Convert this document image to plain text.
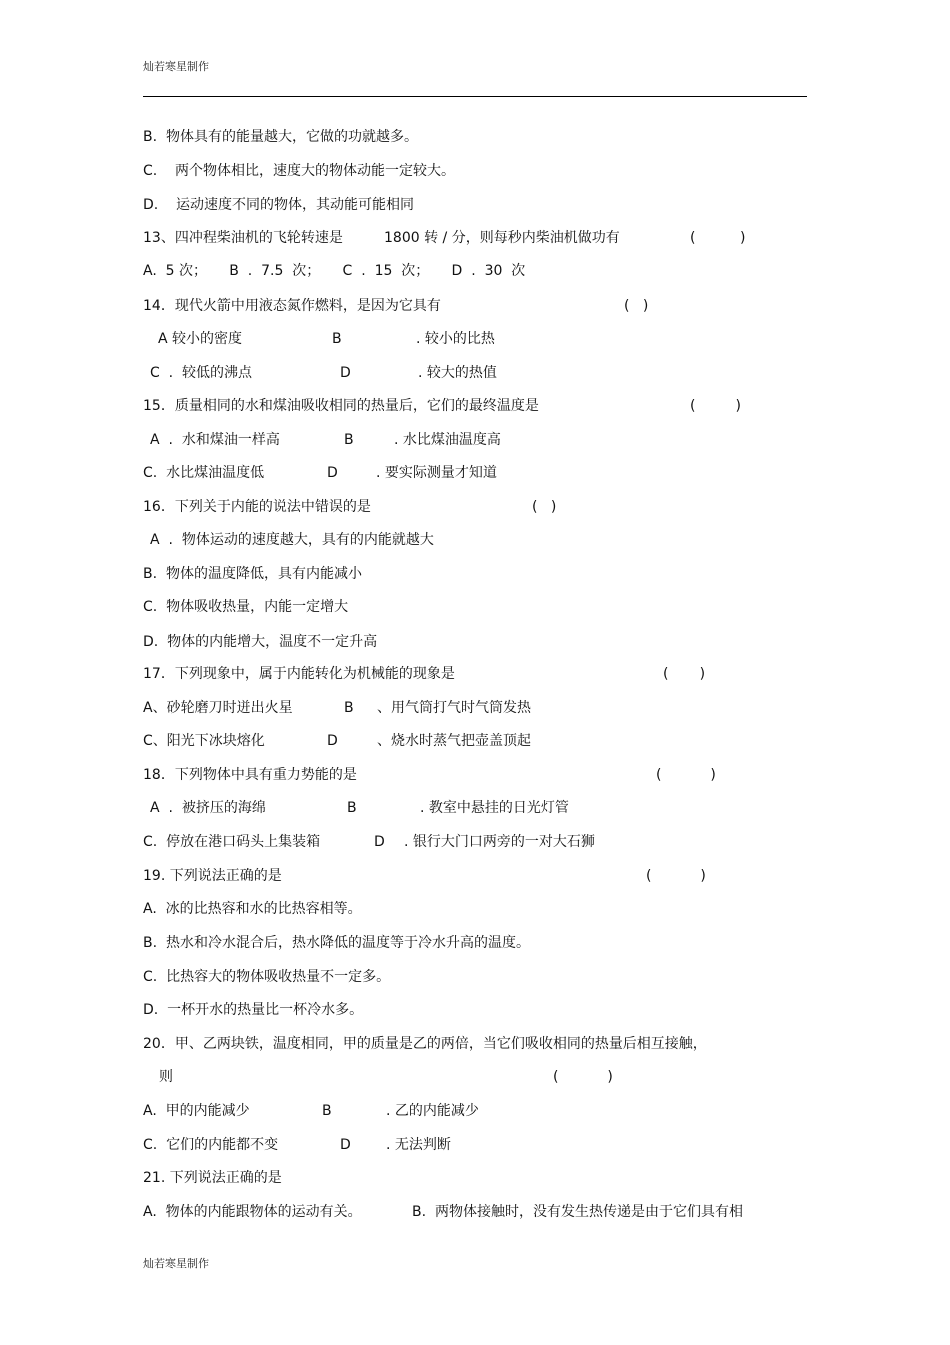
灿若寒星制作
B.  物体具有的能量越大，它做的功就越多。
C.    两个物体相比，速度大的物体动能一定较大。
D.    运动速度不同的物体，其动能可能相同
13、四冲程柴油机的飞轮转速是	1800 转 / 分，则每秒内柴油机做功有	(          )
A.  5 次；     B  .  7.5  次；     C  .  15  次；     D  .  30  次
14．现代火箭中用液态氮作燃料，是因为它具有	(   )
A 较小的密度	B	. 较小的比热
C  .  较低的沸点	D	. 较大的热值
15．质量相同的水和煤油吸收相同的热量后，它们的最终温度是	(         )
A  .  水和煤油一样高	B	. 水比煤油温度高
C.  水比煤油温度低	D	. 要实际测量才知道
16．下列关于内能的说法中错误的是	(   )
A  .  物体运动的速度越大，具有的内能就越大
B.  物体的温度降低，具有内能减小
C.  物体吸收热量，内能一定增大
D.  物体的内能增大，温度不一定升高
17．下列现象中，属于内能转化为机械能的现象是	(       )
A、砂轮磨刀时迸出火星	B 、用气筒打气时气筒发热
C、阳光下冰块熔化	D	、烧水时蒸气把壶盖顶起
18．下列物体中具有重力势能的是	(           )
A  .  被挤压的海绵	B	. 教室中悬挂的日光灯管
C.  停放在港口码头上集装箱	D . 银行大门口两旁的一对大石狮
19. 下列说法正确的是	(           )
A.  冰的比热容和水的比热容相等。
B.  热水和冷水混合后，热水降低的温度等于冷水升高的温度。
C.  比热容大的物体吸收热量不一定多。
D.  一杯开水的热量比一杯冷水多。
20．甲、乙两块铁，温度相同，甲的质量是乙的两倍，当它们吸收相同的热量后相互接触，
则	(           )
A.  甲的内能减少	B	. 乙的内能减少
C.  它们的内能都不变	D	. 无法判断
21. 下列说法正确的是
A.  物体的内能跟物体的运动有关。	B.  两物体接触时，没有发生热传递是由于它们具有相
灿若寒星制作
